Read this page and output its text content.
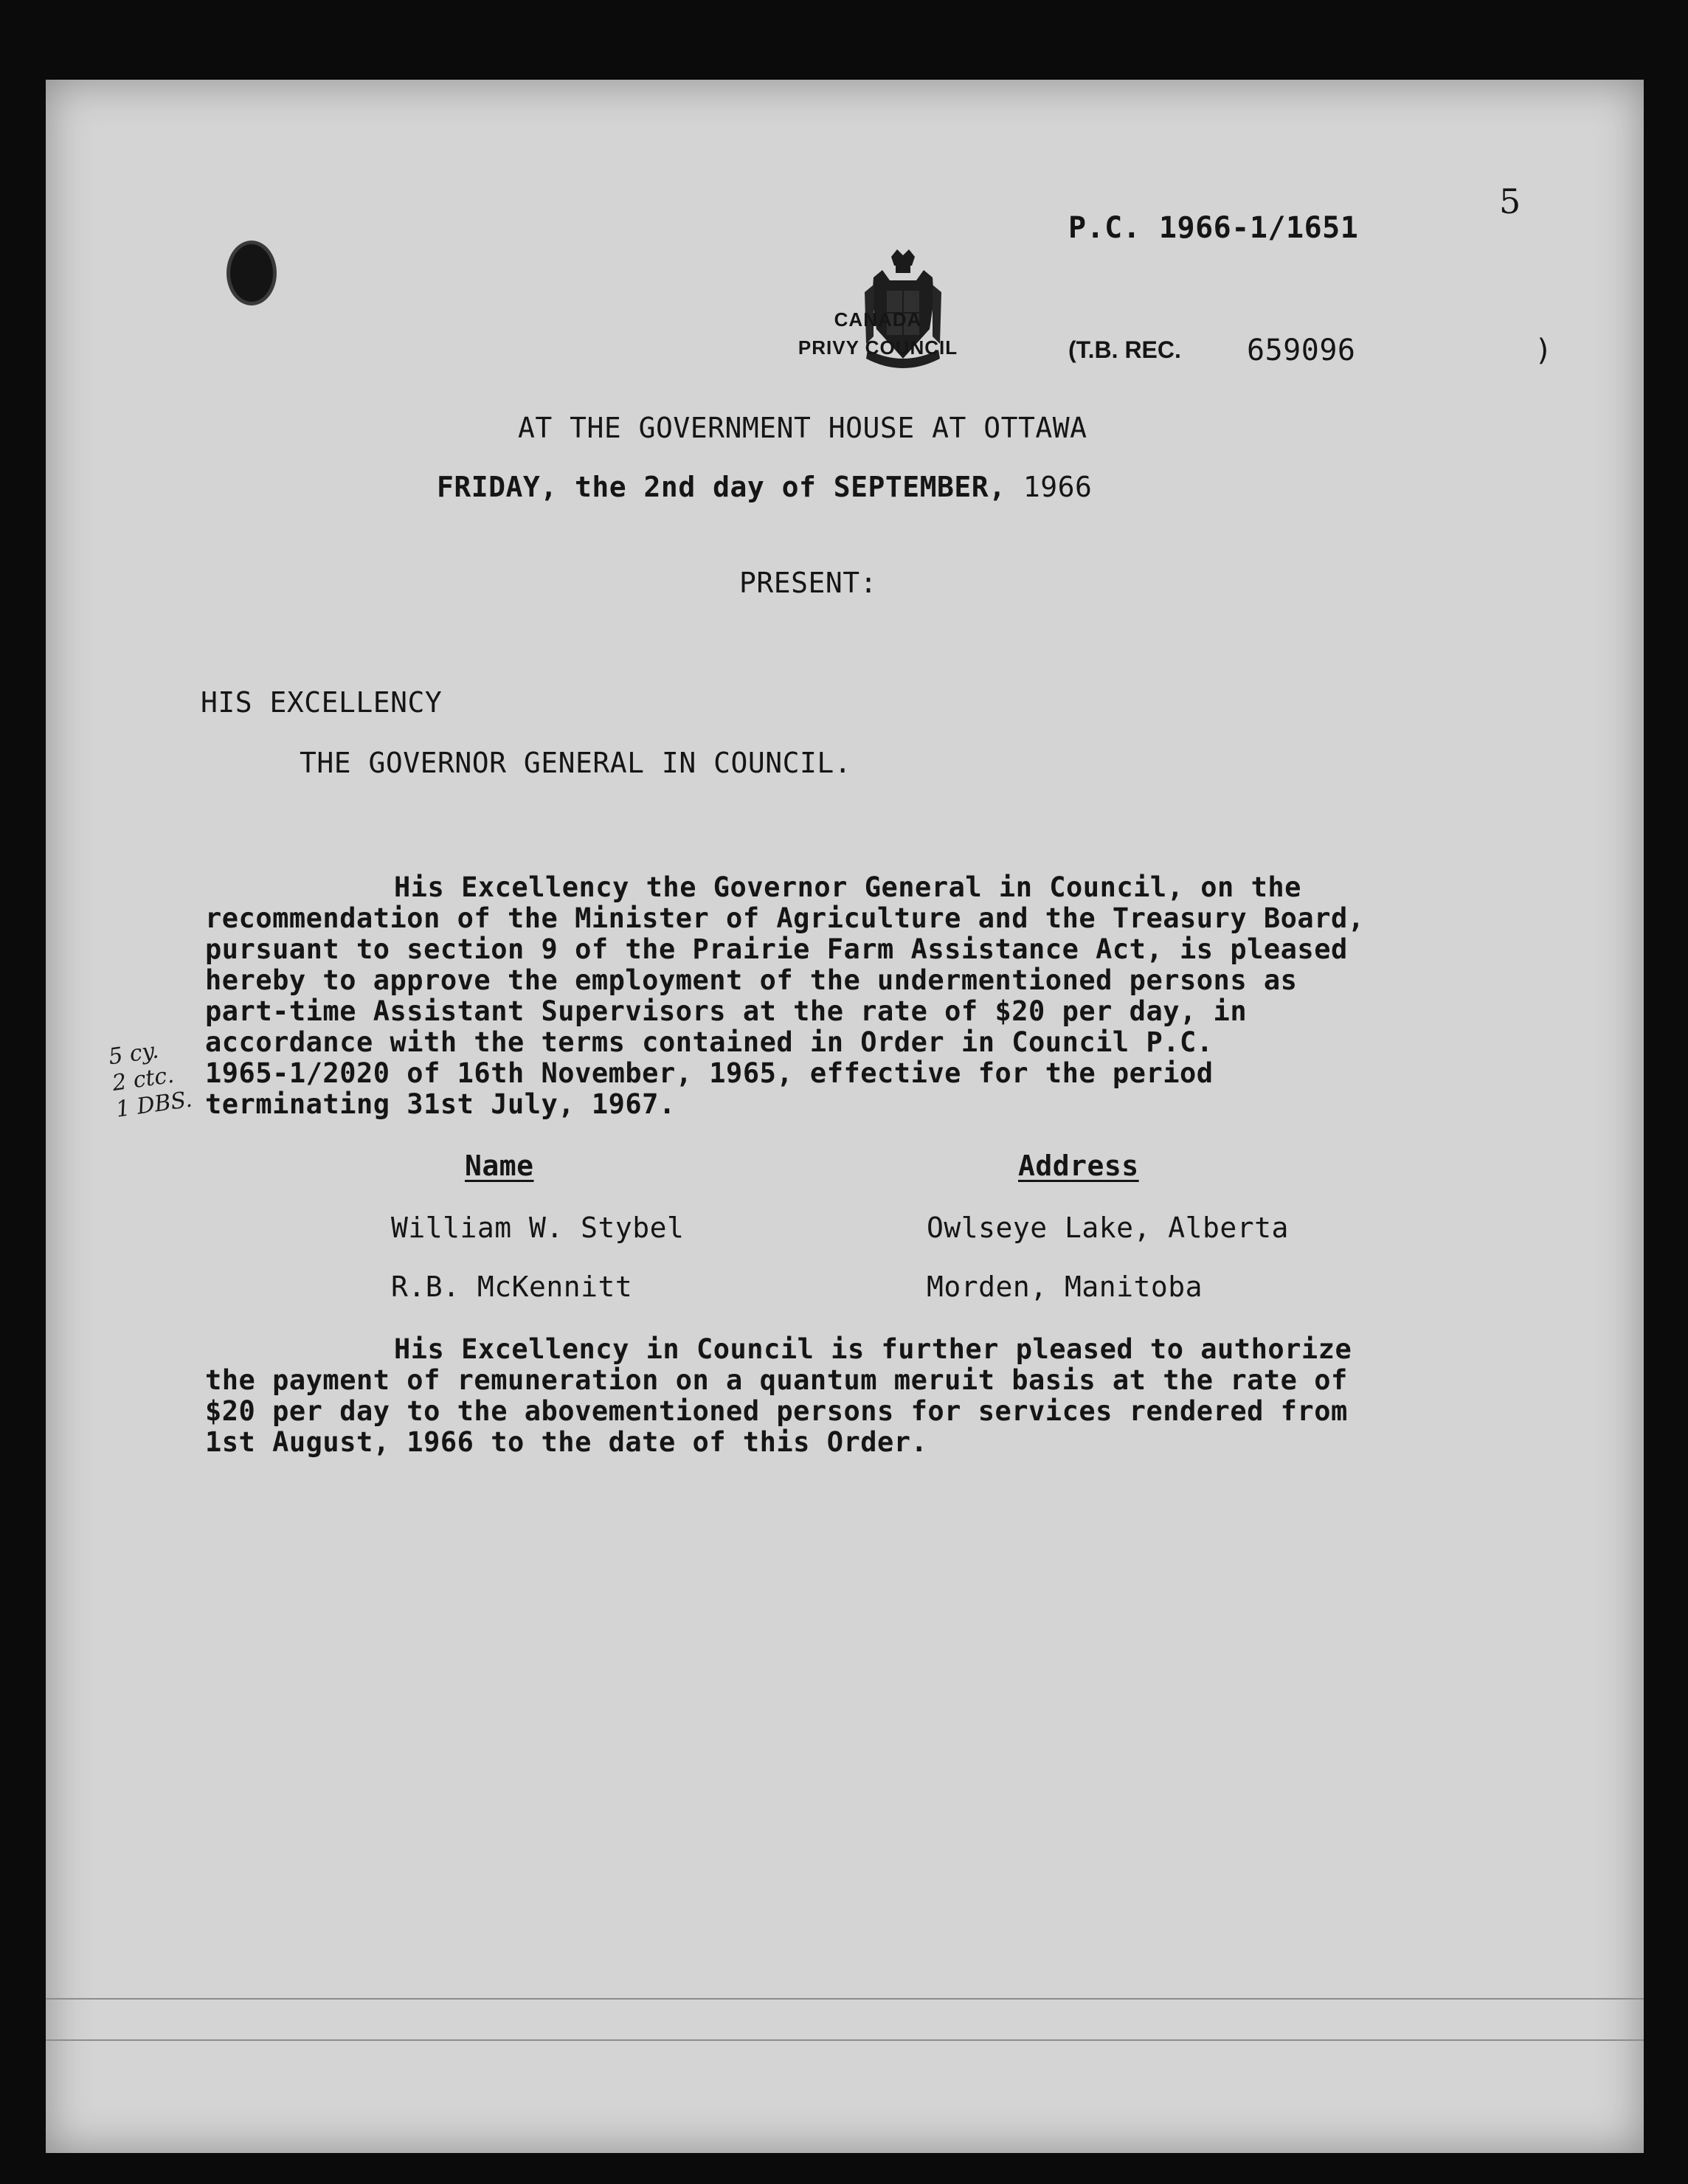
CANADA
PRIVY COUNCIL
P.C. 1966-1/1651
5
(T.B. REC. 659096	)
AT THE GOVERNMENT HOUSE AT OTTAWA
FRIDAY, the 2nd day of SEPTEMBER, 1966
PRESENT:
HIS EXCELLENCY
THE GOVERNOR GENERAL IN COUNCIL.
His Excellency the Governor General in Council, on the
recommendation of the Minister of Agriculture and the Treasury Board,
pursuant to section 9 of the Prairie Farm Assistance Act, is pleased
hereby to approve the employment of the undermentioned persons as
part-time Assistant Supervisors at the rate of $20 per day, in
accordance with the terms contained in Order in Council P.C.
1965-1/2020 of 16th November, 1965, effective for the period
terminating 31st July, 1967.
5 cy.
2 ctc.
1 DBS.
Name	Address
William W. Stybel	Owlseye Lake, Alberta
R.B. McKennitt	Morden, Manitoba
His Excellency in Council is further pleased to authorize
the payment of remuneration on a quantum meruit basis at the rate of
$20 per day to the abovementioned persons for services rendered from
1st August, 1966 to the date of this Order.
